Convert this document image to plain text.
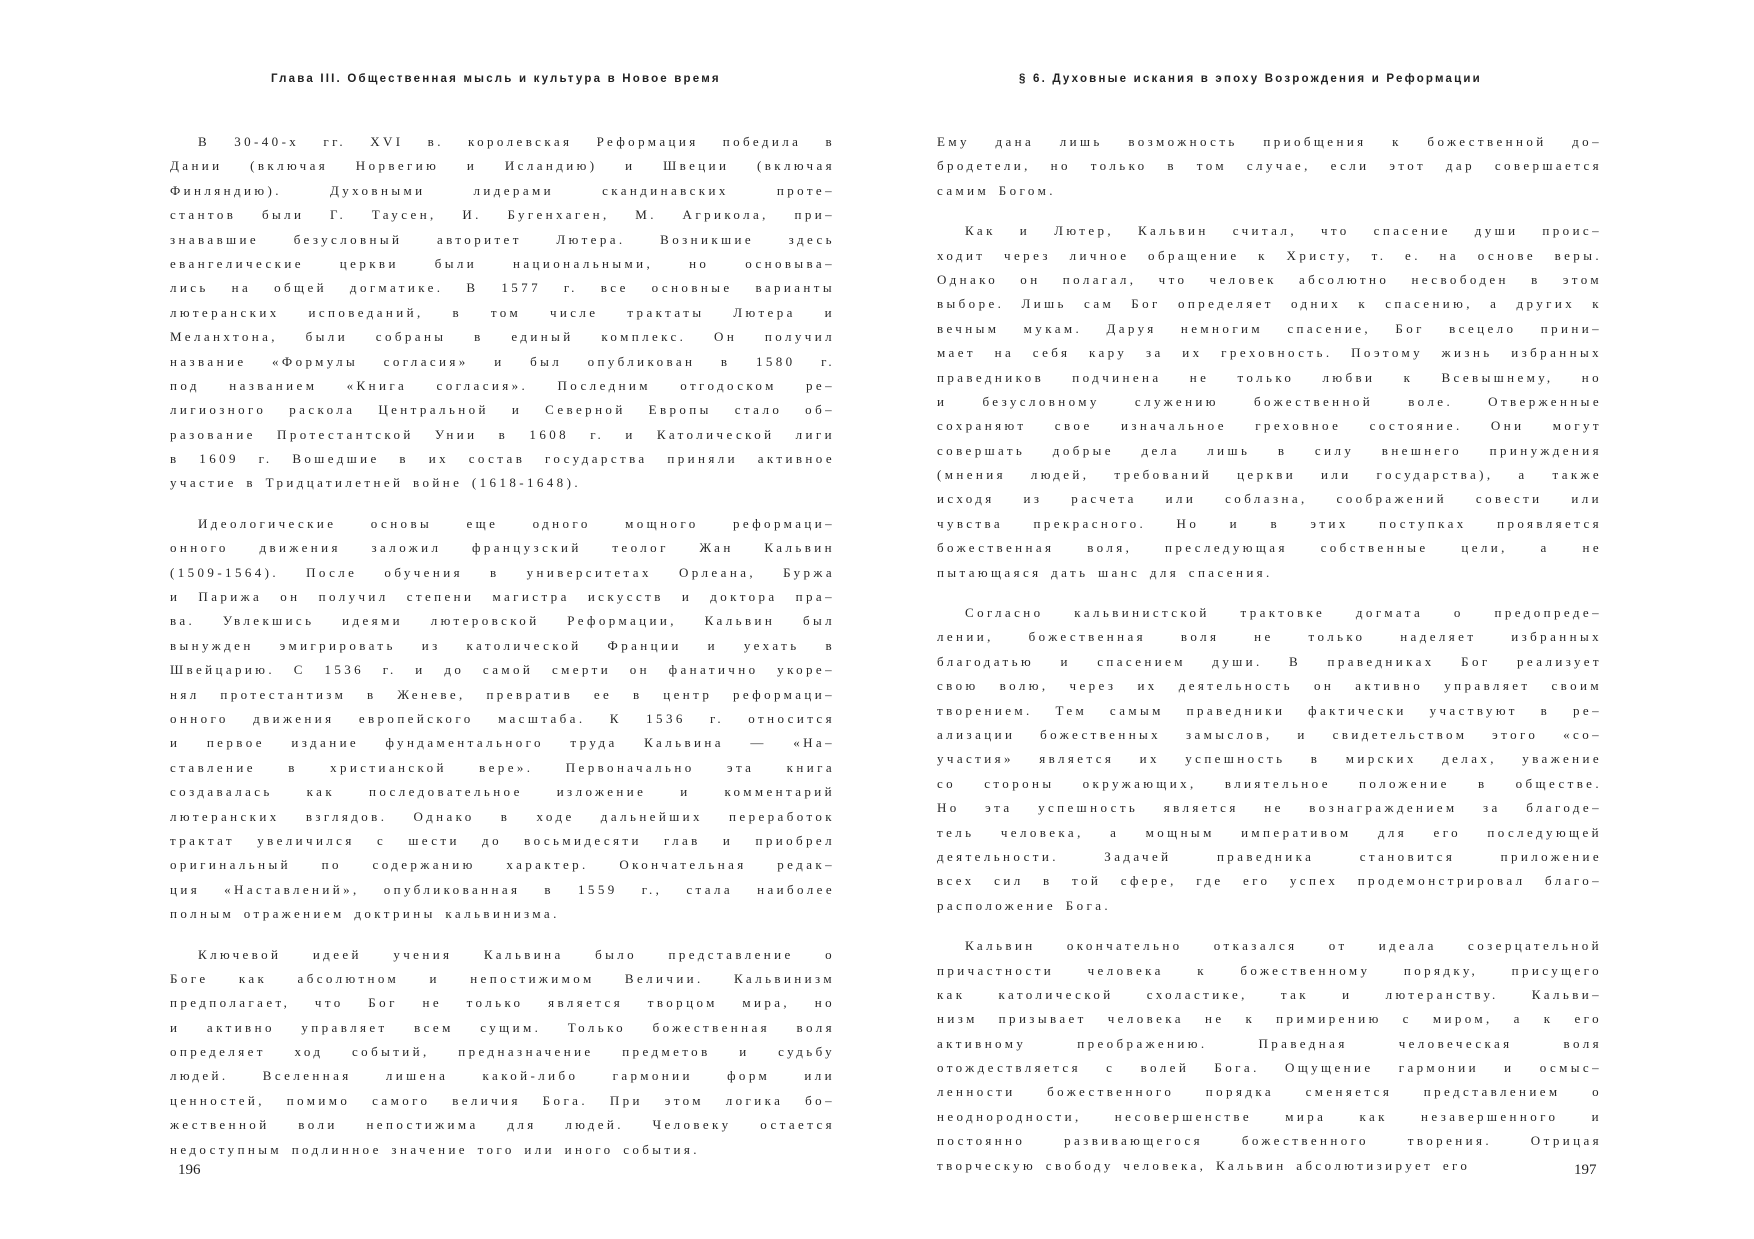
Глава III. Общественная мысль и культура в Новое время

В 30-40-х гг. XVI в. королевская Реформация победила в
Дании (включая Норвегию и Исландию) и Швеции (включая
Финляндию). Духовными лидерами скандинавских проте–
стантов были Г. Таусен, И. Бугенхаген, М. Агрикола, при–
знававшие безусловный авторитет Лютера. Возникшие здесь
евангелические церкви были национальными, но основыва–
лись на общей догматике. В 1577 г. все основные варианты
лютеранских исповеданий, в том числе трактаты Лютера и
Меланхтона, были собраны в единый комплекс. Он получил
название «Формулы согласия» и был опубликован в 1580 г.
под названием «Книга согласия». Последним отгодоском ре–
лигиозного раскола Центральной и Северной Европы стало об–
разование Протестантской Унии в 1608 г. и Католической лиги
в 1609 г. Вошедшие в их состав государства приняли активное
участие в Тридцатилетней войне (1618-1648).

Идеологические основы еще одного мощного реформаци–
онного движения заложил французский теолог Жан Кальвин
(1509-1564). После обучения в университетах Орлеана, Буржа
и Парижа он получил степени магистра искусств и доктора пра–
ва. Увлекшись идеями лютеровской Реформации, Кальвин был
вынужден эмигрировать из католической Франции и уехать в
Швейцарию. С 1536 г. и до самой смерти он фанатично укоре–
нял протестантизм в Женеве, превратив ее в центр реформаци–
онного движения европейского масштаба. К 1536 г. относится
и первое издание фундаментального труда Кальвина — «На–
ставление в христианской вере». Первоначально эта книга
создавалась как последовательное изложение и комментарий
лютеранских взглядов. Однако в ходе дальнейших переработок
трактат увеличился с шести до восьмидесяти глав и приобрел
оригинальный по содержанию характер. Окончательная редак–
ция «Наставлений», опубликованная в 1559 г., стала наиболее
полным отражением доктрины кальвинизма.

Ключевой идеей учения Кальвина было представление о
Боге как абсолютном и непостижимом Величии. Кальвинизм
предполагает, что Бог не только является творцом мира, но
и активно управляет всем сущим. Только божественная воля
определяет ход событий, предназначение предметов и судьбу
людей. Вселенная лишена какой-либо гармонии форм или
ценностей, помимо самого величия Бога. При этом логика бо–
жественной воли непостижима для людей. Человеку остается
недоступным подлинное значение того или иного события.

196
§ 6. Духовные искания в эпоху Возрождения и Реформации

Ему дана лишь возможность приобщения к божественной до–
бродетели, но только в том случае, если этот дар совершается
самим Богом.

Как и Лютер, Кальвин считал, что спасение души проис–
ходит через личное обращение к Христу, т. е. на основе веры.
Однако он полагал, что человек абсолютно несвободен в этом
выборе. Лишь сам Бог определяет одних к спасению, а других к
вечным мукам. Даруя немногим спасение, Бог всецело прини–
мает на себя кару за их греховность. Поэтому жизнь избранных
праведников подчинена не только любви к Всевышнему, но
и безусловному служению божественной воле. Отверженные
сохраняют свое изначальное греховное состояние. Они могут
совершать добрые дела лишь в силу внешнего принуждения
(мнения людей, требований церкви или государства), а также
исходя из расчета или соблазна, соображений совести или
чувства прекрасного. Но и в этих поступках проявляется
божественная воля, преследующая собственные цели, а не
пытающаяся дать шанс для спасения.

Согласно кальвинистской трактовке догмата о предопреде–
лении, божественная воля не только наделяет избранных
благодатью и спасением души. В праведниках Бог реализует
свою волю, через их деятельность он активно управляет своим
творением. Тем самым праведники фактически участвуют в ре–
ализации божественных замыслов, и свидетельством этого «со–
участия» является их успешность в мирских делах, уважение
со стороны окружающих, влиятельное положение в обществе.
Но эта успешность является не вознаграждением за благоде–
тель человека, а мощным императивом для его последующей
деятельности. Задачей праведника становится приложение
всех сил в той сфере, где его успех продемонстрировал благо–
расположение Бога.

Кальвин окончательно отказался от идеала созерцательной
причастности человека к божественному порядку, присущего
как католической схоластике, так и лютеранству. Кальви–
низм призывает человека не к примирению с миром, а к его
активному преображению. Праведная человеческая воля
отождествляется с волей Бога. Ощущение гармонии и осмыс–
ленности божественного порядка сменяется представлением о
неоднородности, несовершенстве мира как незавершенного и
постоянно развивающегося божественного творения. Отрицая
творческую свободу человека, Кальвин абсолютизирует его	197
